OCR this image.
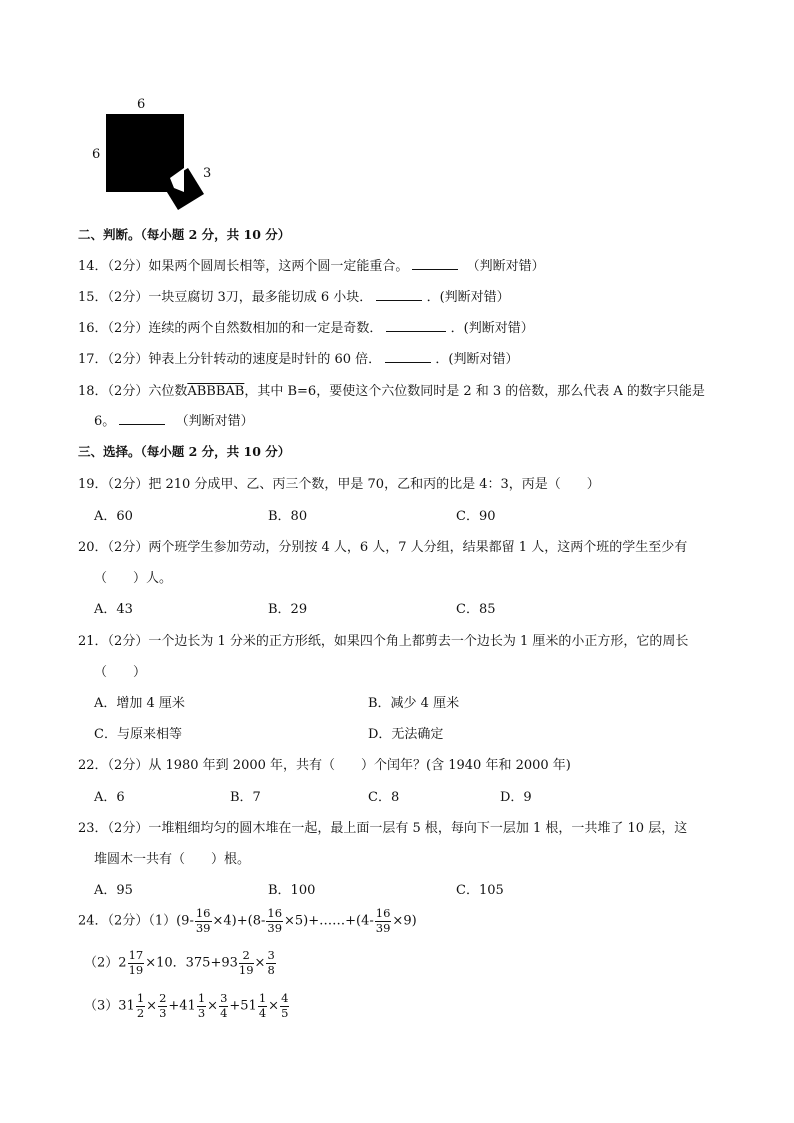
6
6
3
二、判断。（每小题 2 分，共 10 分）
14．（2分）如果两个圆周长相等，这两个圆一定能重合。	（判断对错）
15．（2分）一块豆腐切 3刀，最多能切成 6 小块．	．(判断对错）
16．（2分）连续的两个自然数相加的和一定是奇数．	．(判断对错）
17．（2分）钟表上分针转动的速度是时针的 60 倍．	．(判断对错）
18．（2分）六位数ABBBAB，其中 B=6，要使这个六位数同时是 2 和 3 的倍数，那么代表 A 的数字只能是
6。	（判断对错）
三、选择。（每小题 2 分，共 10 分）
19．（2分）把 210 分成甲、乙、丙三个数，甲是 70，乙和丙的比是 4：3，丙是（　　）
A．60	B．80	C．90
20．（2分）两个班学生参加劳动，分别按 4 人，6 人，7 人分组，结果都留 1 人，这两个班的学生至少有
（　　）人。
A．43	B．29	C．85
21．（2分）一个边长为 1 分米的正方形纸，如果四个角上都剪去一个边长为 1 厘米的小正方形，它的周长
（　　）
A．增加 4 厘米	B．减少 4 厘米
C．与原来相等	D．无法确定
22．（2分）从 1980 年到 2000 年，共有（　　）个闰年？(含 1940 年和 2000 年)
A．6	B．7	C．8	D．9
23．（2分）一堆粗细均匀的圆木堆在一起，最上面一层有 5 根，每向下一层加 1 根，一共堆了 10 层，这
堆圆木一共有（　　）根。
A．95	B．100	C．105
24．（2分）$(1)(9- \frac{16}{39} \times 4)+(8- \frac{16}{39}$ ×5)+……+(4- $\frac{16}{39} \times 9$)
$(2)2 \frac{17}{19} \times 10$．$375+93 \frac{2}{19} \times \frac{3}{8}$
$(3)31 \frac{1}{2} \times \frac{2}{3} +41 \frac{1}{3} \times \frac{3}{4} +51 \frac{1}{4} \times \frac{4}{5}$
